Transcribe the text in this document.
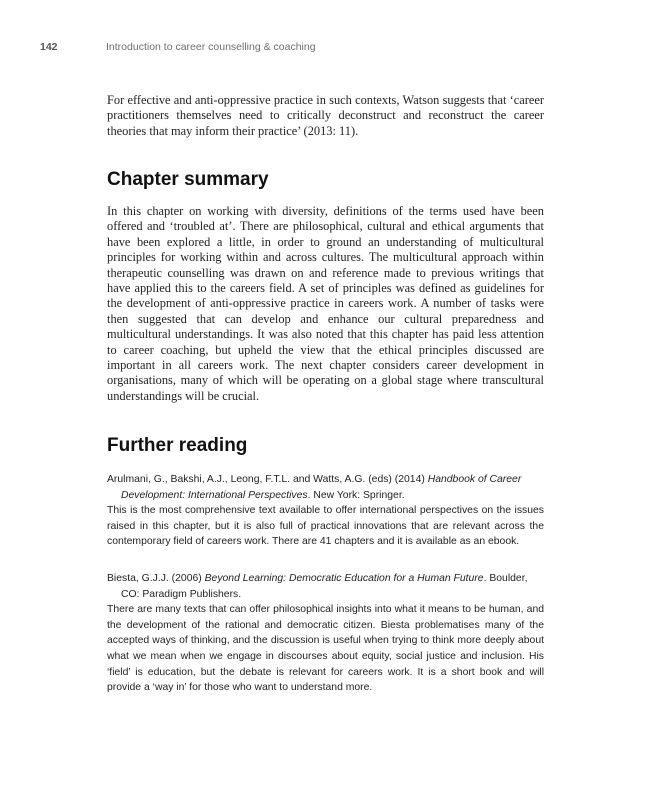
142	Introduction to career counselling & coaching

For effective and anti-oppressive practice in such contexts, Watson suggests that ‘career practitioners themselves need to critically deconstruct and reconstruct the career theories that may inform their practice’ (2013: 11).

Chapter summary

In this chapter on working with diversity, definitions of the terms used have been offered and ‘troubled at’. There are philosophical, cultural and ethical arguments that have been explored a little, in order to ground an understanding of multicultural principles for working within and across cultures. The multicultural approach within therapeutic counselling was drawn on and reference made to previous writings that have applied this to the careers field. A set of principles was defined as guidelines for the development of anti-oppressive practice in careers work. A number of tasks were then suggested that can develop and enhance our cultural preparedness and multicultural understandings. It was also noted that this chapter has paid less attention to career coaching, but upheld the view that the ethical principles discussed are important in all careers work. The next chapter considers career development in organisations, many of which will be operating on a global stage where transcultural understandings will be crucial.

Further reading
Arulmani, G., Bakshi, A.J., Leong, F.T.L. and Watts, A.G. (eds) (2014) Handbook of Career Development: International Perspectives. New York: Springer.

This is the most comprehensive text available to offer international perspectives on the issues raised in this chapter, but it is also full of practical innovations that are relevant across the contemporary field of careers work. There are 41 chapters and it is available as an ebook.

Biesta, G.J.J. (2006) Beyond Learning: Democratic Education for a Human Future. Boulder, CO: Paradigm Publishers.

There are many texts that can offer philosophical insights into what it means to be human, and the development of the rational and democratic citizen. Biesta problematises many of the accepted ways of thinking, and the discussion is useful when trying to think more deeply about what we mean when we engage in discourses about equity, social justice and inclusion. His ‘field’ is education, but the debate is relevant for careers work. It is a short book and will provide a ‘way in’ for those who want to understand more.
